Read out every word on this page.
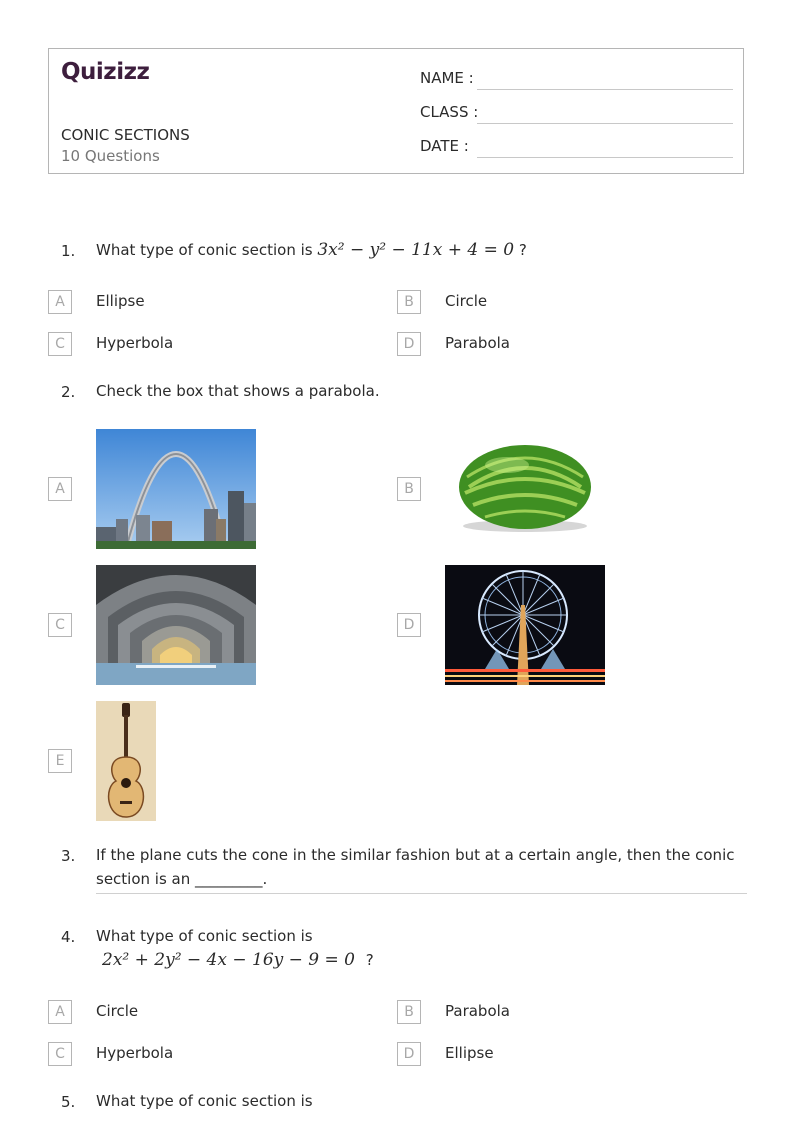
Quizizz
CONIC SECTIONS
10 Questions
NAME :
CLASS :
DATE :
1. What type of conic section is 3x² − y² − 11x + 4 = 0 ?
A	Ellipse	B	Circle
C	Hyperbola	D	Parabola
2. Check the box that shows a parabola.
A	B
C	D
E
3. If the plane cuts the cone in the similar fashion but at a certain angle, then the conic
section is an _________.
4. What type of conic section is
2x² + 2y² − 4x − 16y − 9 = 0 ?
A	Circle	B	Parabola
C	Hyperbola	D	Ellipse
5. What type of conic section is
